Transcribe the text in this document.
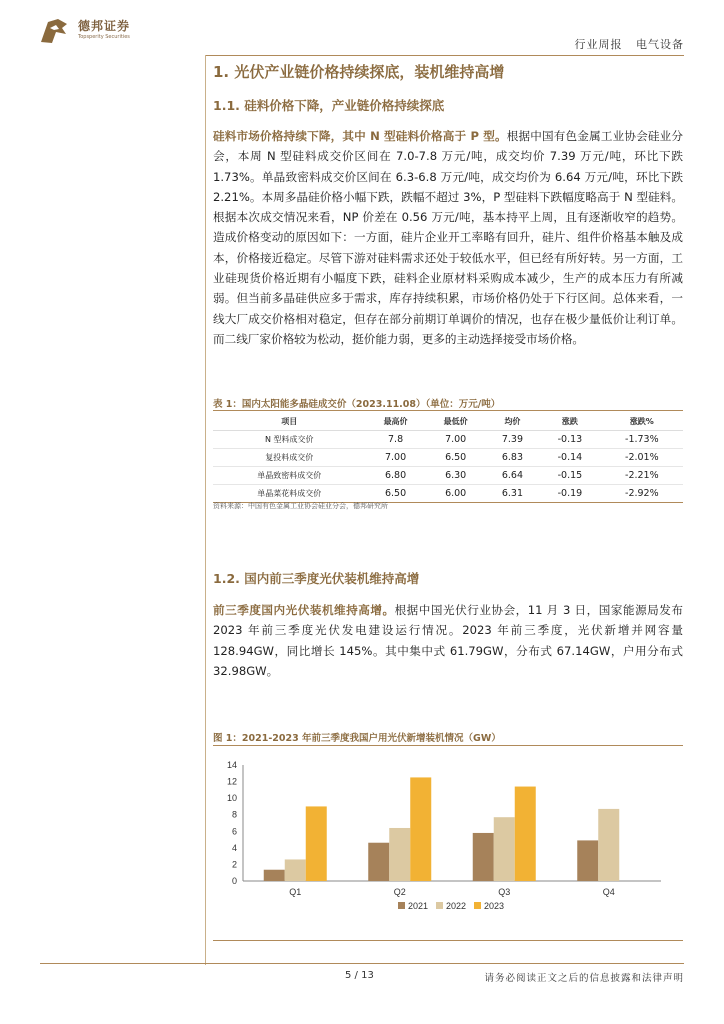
德邦证券
Topsperity Securities
行业周报 电气设备
1. 光伏产业链价格持续探底，装机维持高增
1.1. 硅料价格下降，产业链价格持续探底
硅料市场价格持续下降，其中 N 型硅料价格高于 P 型。根据中国有色金属工业协会硅业分会，本周 N 型硅料成交价区间在 7.0-7.8 万元/吨，成交均价 7.39 万元/吨，环比下跌 1.73%。单晶致密料成交价区间在 6.3-6.8 万元/吨，成交均价为 6.64 万元/吨，环比下跌 2.21%。本周多晶硅价格小幅下跌，跌幅不超过 3%，P 型硅料下跌幅度略高于 N 型硅料。根据本次成交情况来看，NP 价差在 0.56 万元/吨，基本持平上周，且有逐渐收窄的趋势。造成价格变动的原因如下：一方面，硅片企业开工率略有回升，硅片、组件价格基本触及成本，价格接近稳定。尽管下游对硅料需求还处于较低水平，但已经有所好转。另一方面，工业硅现货价格近期有小幅度下跌，硅料企业原材料采购成本减少，生产的成本压力有所减弱。但当前多晶硅供应多于需求，库存持续积累，市场价格仍处于下行区间。总体来看，一线大厂成交价格相对稳定，但存在部分前期订单调价的情况，也存在极少量低价让利订单。而二线厂家价格较为松动，挺价能力弱，更多的主动选择接受市场价格。
表 1：国内太阳能多晶硅成交价（2023.11.08）（单位：万元/吨）
项目	最高价	最低价	均价	涨跌	涨跌%
N 型料成交价	7.8	7.00	7.39	-0.13	-1.73%
复投料成交价	7.00	6.50	6.83	-0.14	-2.01%
单晶致密料成交价	6.80	6.30	6.64	-0.15	-2.21%
单晶菜花料成交价	6.50	6.00	6.31	-0.19	-2.92%
资料来源：中国有色金属工业协会硅业分会，德邦研究所
1.2. 国内前三季度光伏装机维持高增
前三季度国内光伏装机维持高增。根据中国光伏行业协会，11 月 3 日，国家能源局发布 2023 年前三季度光伏发电建设运行情况。2023 年前三季度，光伏新增并网容量 128.94GW，同比增长 145%。其中集中式 61.79GW，分布式 67.14GW，户用分布式 32.98GW。
图 1：2021-2023 年前三季度我国户用光伏新增装机情况（GW）
0
2
4
6
8
10
12
14
Q1	Q2	Q3	Q4
2021 2022 2023
5 / 13	请务必阅读正文之后的信息披露和法律声明
